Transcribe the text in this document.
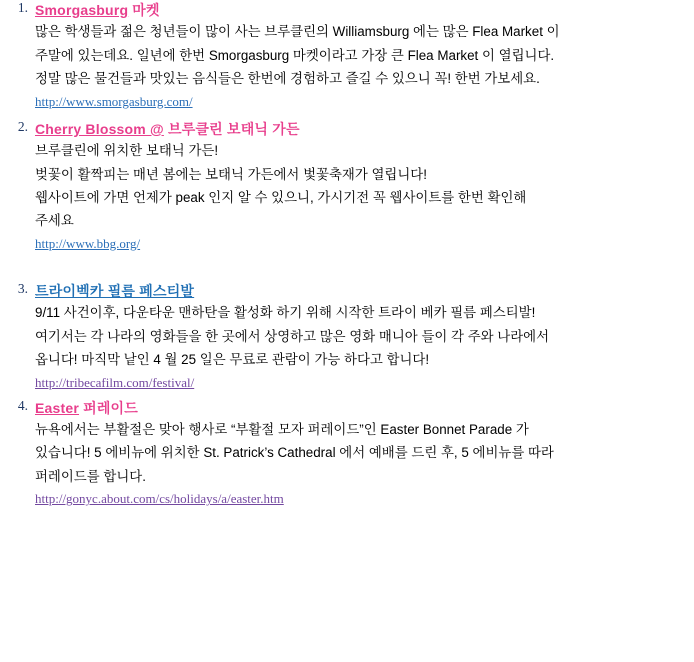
1. Smorgasburg 마켓

많은 학생들과 젊은 청년들이 많이 사는 브루클린의 Williamsburg 에는 많은 Flea Market 이

주말에 있는데요. 일년에 한번 Smorgasburg 마켓이라고 가장 큰 Flea Market 이 열립니다.

정말 많은 물건들과 맛있는 음식들은 한번에 경험하고 즐길 수 있으니 꼭! 한번 가보세요.

http://www.smorgasburg.com/
2. Cherry Blossom @ 브루클린 보태닉 가든

브루클린에 위치한 보태닉 가든!

벚꽃이 활짝피는 매년 봄에는 보태닉 가든에서 벛꽃축재가 열립니다!

웹사이트에 가면 언제가 peak 인지 알 수 있으니, 가시기전 꼭 웹사이트를 한번 확인해

주세요

http://www.bbg.org/
3. 트라이벡카 필름 페스티발

9/11 사건이후, 다운타운 맨하탄을 활성화 하기 위해 시작한 트라이 베카 필름 페스티발!

여기서는 각 나라의 영화들을 한 곳에서 상영하고 많은 영화 매니아 들이 각 주와 나라에서

옵니다! 마직막 낱인 4 월 25 일은 무료로 관람이 가능 하다고 합니다!

http://tribecafilm.com/festival/
4. Easter 퍼레이드

뉴욕에서는 부활절은 맞아 행사로 “부활절 모자 퍼레이드”인 Easter Bonnet Parade 가

있습니다! 5 에비뉴에 위치한 St. Patrick’s Cathedral 에서 예배를 드린 후, 5 에비뉴를 따라

퍼레이드를 합니다.

http://gonyc.about.com/cs/holidays/a/easter.htm
